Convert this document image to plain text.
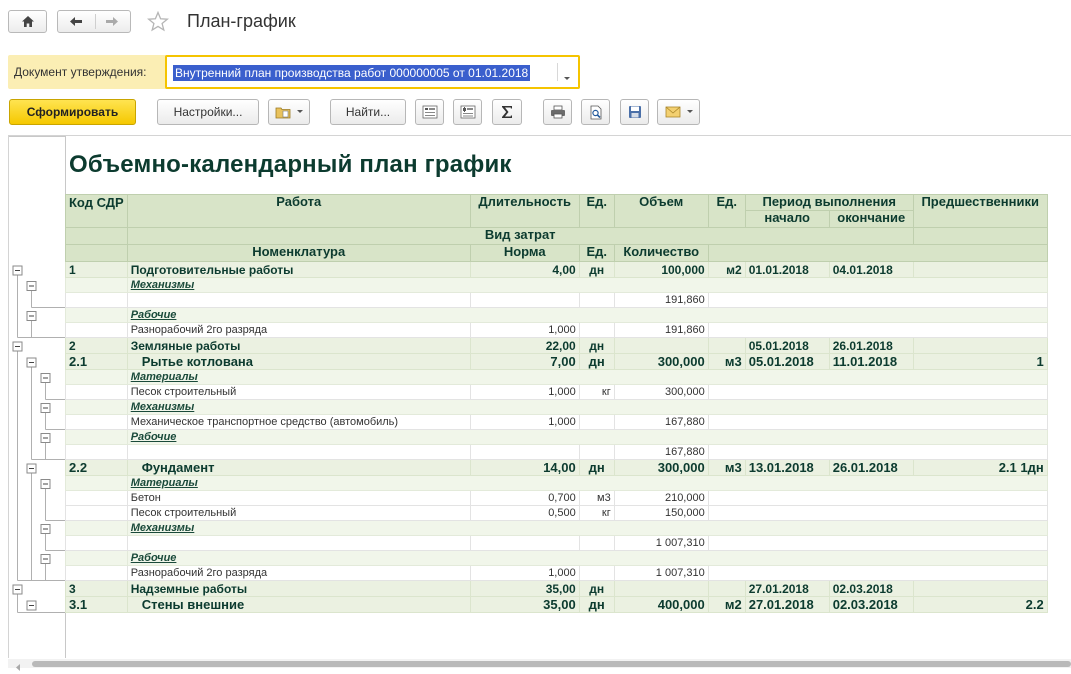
План-график
Документ утверждения: Внутренний план производства работ 000000005 от 01.01.2018
Сформировать	Настройки...	Найти...
Объемно-календарный план график
Код СДР	Работа	Длительность	Ед.	Объем	Ед.	Период выполнения		Предшественники
						начало	окончание	
	Вид затрат							
	Номенклатура	Норма	Ед.	Количество				
1	Подготовительные работы	4,00	дн	100,000	м2	01.01.2018	04.01.2018	
	Механизмы							
				191,860				
	Рабочие							
	Разнорабочий 2го разряда	1,000		191,860				
2	Земляные работы	22,00	дн			05.01.2018	26.01.2018	
2.1	Рытье котлована	7,00	дн	300,000	м3	05.01.2018	11.01.2018	1
	Материалы							
	Песок строительный	1,000	кг	300,000				
	Механизмы							
	Механическое транспортное средство (автомобиль)	1,000		167,880				
	Рабочие							
				167,880				
2.2	Фундамент	14,00	дн	300,000	м3	13.01.2018	26.01.2018	2.1 1дн
	Материалы							
	Бетон	0,700	м3	210,000				
	Песок строительный	0,500	кг	150,000				
	Механизмы							
				1 007,310				
	Рабочие							
	Разнорабочий 2го разряда	1,000		1 007,310				
3	Надземные работы	35,00	дн			27.01.2018	02.03.2018	
3.1	Стены внешние	35,00	дн	400,000	м2	27.01.2018	02.03.2018	2.2
